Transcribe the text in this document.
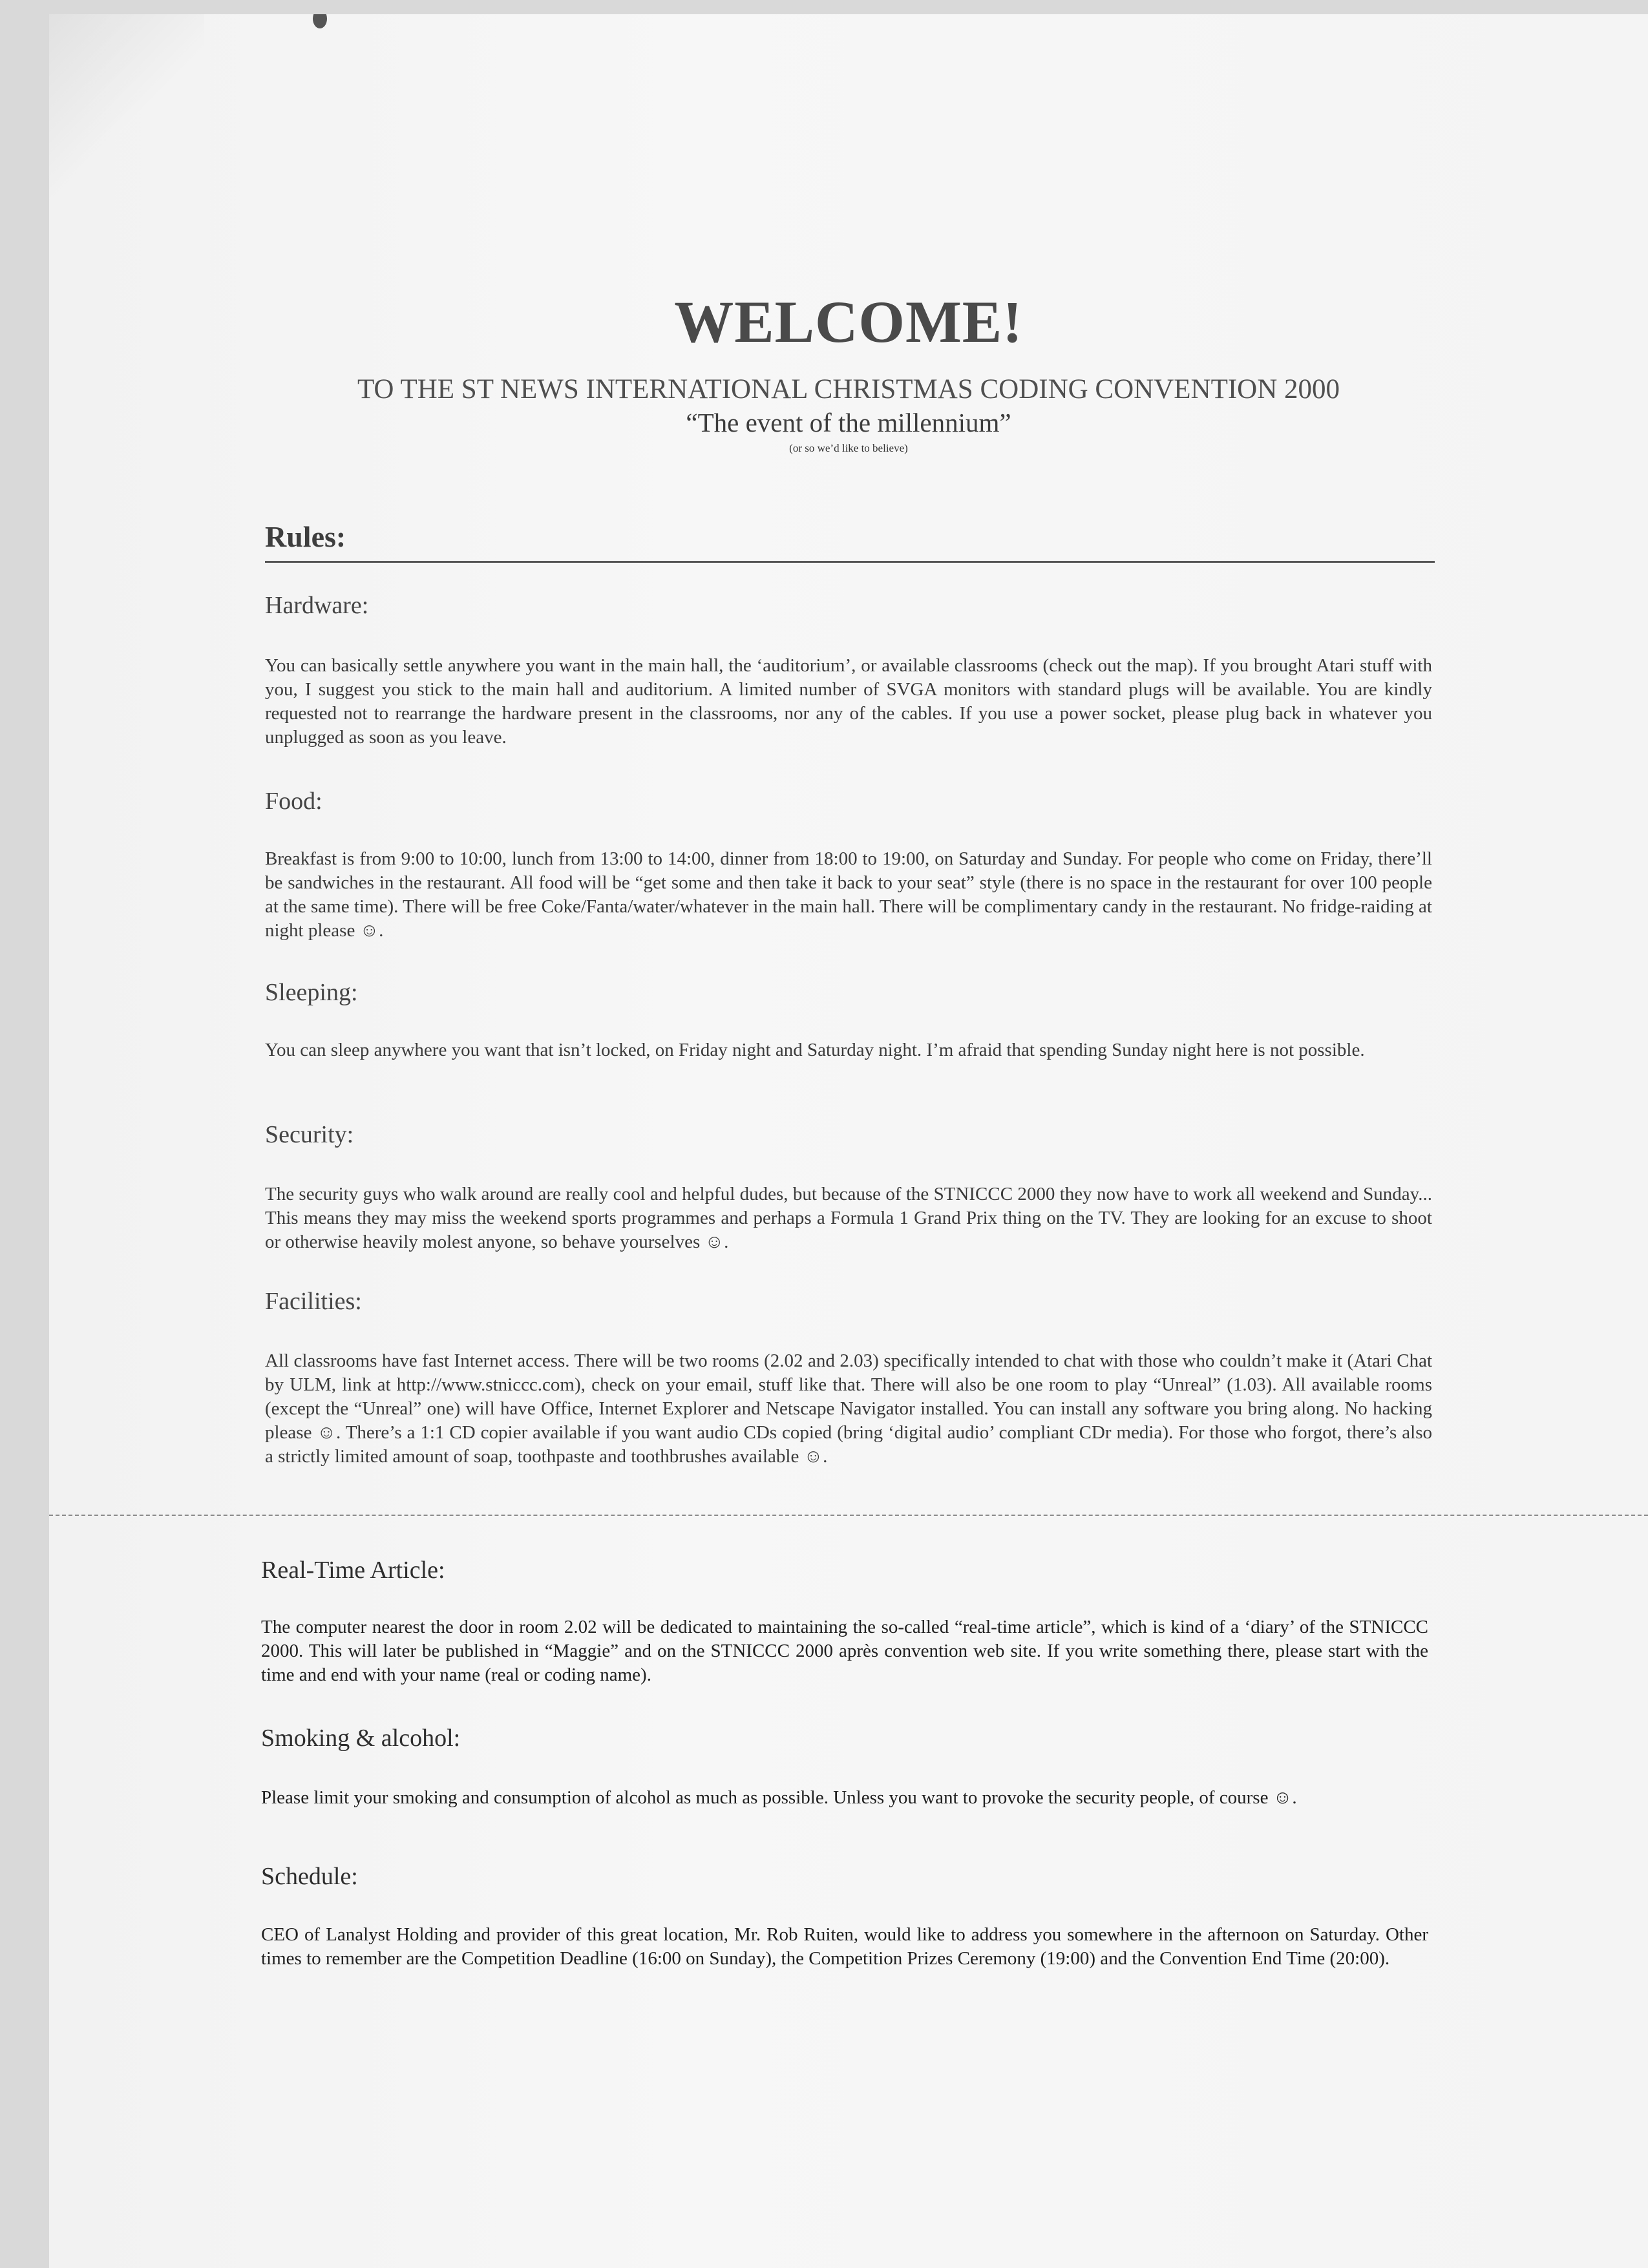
WELCOME!
TO THE ST NEWS INTERNATIONAL CHRISTMAS CODING CONVENTION 2000
“The event of the millennium”
(or so we’d like to believe)
Rules:
Hardware:
You can basically settle anywhere you want in the main hall, the ‘auditorium’, or available classrooms (check out the map). If you brought Atari stuff with you, I suggest you stick to the main hall and auditorium. A limited number of SVGA monitors with standard plugs will be available. You are kindly requested not to rearrange the hardware present in the classrooms, nor any of the cables. If you use a power socket, please plug back in whatever you unplugged as soon as you leave.
Food:
Breakfast is from 9:00 to 10:00, lunch from 13:00 to 14:00, dinner from 18:00 to 19:00, on Saturday and Sunday. For people who come on Friday, there’ll be sandwiches in the restaurant. All food will be “get some and then take it back to your seat” style (there is no space in the restaurant for over 100 people at the same time). There will be free Coke/Fanta/water/whatever in the main hall. There will be complimentary candy in the restaurant. No fridge-raiding at night please ☺.
Sleeping:
You can sleep anywhere you want that isn’t locked, on Friday night and Saturday night. I’m afraid that spending Sunday night here is not possible.
Security:
The security guys who walk around are really cool and helpful dudes, but because of the STNICCC 2000 they now have to work all weekend and Sunday... This means they may miss the weekend sports programmes and perhaps a Formula 1 Grand Prix thing on the TV. They are looking for an excuse to shoot or otherwise heavily molest anyone, so behave yourselves ☺.
Facilities:
All classrooms have fast Internet access. There will be two rooms (2.02 and 2.03) specifically intended to chat with those who couldn’t make it (Atari Chat by ULM, link at http://www.stniccc.com), check on your email, stuff like that. There will also be one room to play “Unreal” (1.03). All available rooms (except the “Unreal” one) will have Office, Internet Explorer and Netscape Navigator installed. You can install any software you bring along. No hacking please ☺. There’s a 1:1 CD copier available if you want audio CDs copied (bring ‘digital audio’ compliant CDr media). For those who forgot, there’s also a strictly limited amount of soap, toothpaste and toothbrushes available ☺.
Real-Time Article:
The computer nearest the door in room 2.02 will be dedicated to maintaining the so-called “real-time article”, which is kind of a ‘diary’ of the STNICCC 2000. This will later be published in “Maggie” and on the STNICCC 2000 après convention web site. If you write something there, please start with the time and end with your name (real or coding name).
Smoking & alcohol:
Please limit your smoking and consumption of alcohol as much as possible. Unless you want to provoke the security people, of course ☺.
Schedule:
CEO of Lanalyst Holding and provider of this great location, Mr. Rob Ruiten, would like to address you somewhere in the afternoon on Saturday. Other times to remember are the Competition Deadline (16:00 on Sunday), the Competition Prizes Ceremony (19:00) and the Convention End Time (20:00).
